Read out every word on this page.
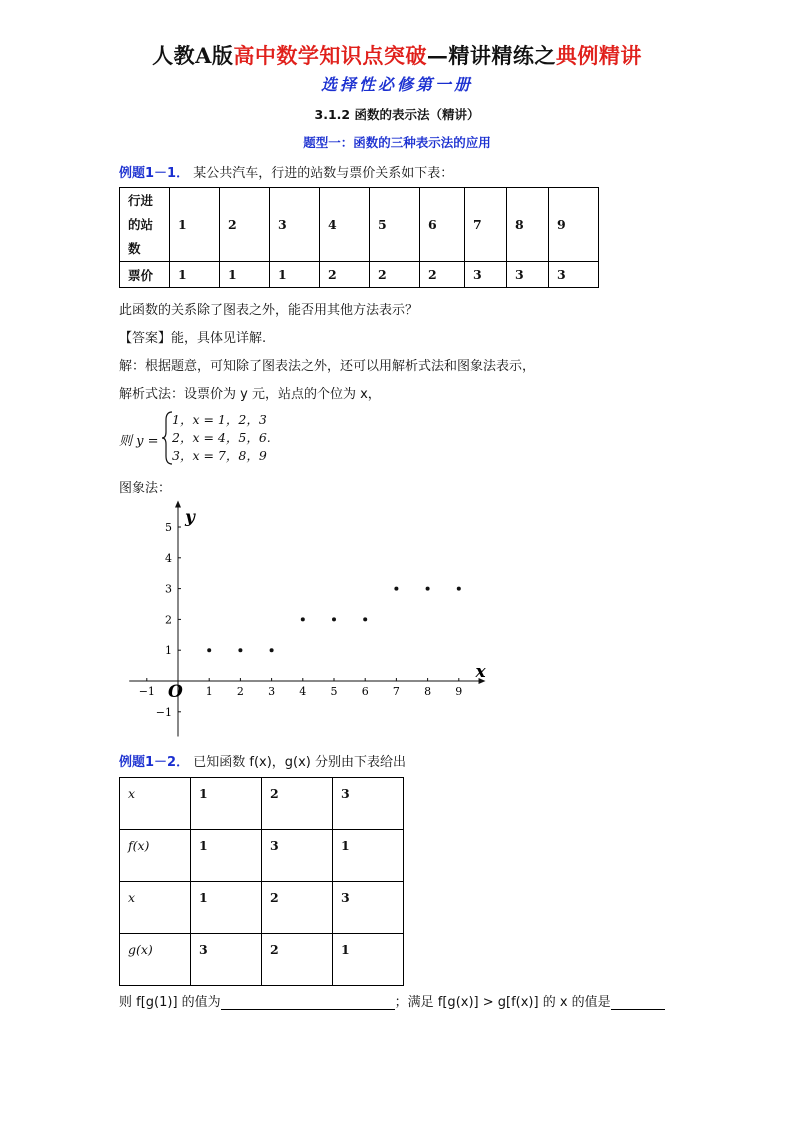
人教A版高中数学知识点突破—精讲精练之典例精讲
选择性必修第一册
3.1.2 函数的表示法（精讲）
题型一：函数的三种表示法的应用
例题1－1． 某公共汽车，行进的站数与票价关系如下表：
行进
的站
数	1	2	3	4	5	6	7	8	9
票价	1	1	1	2	2	2	3	3	3
此函数的关系除了图表之外，能否用其他方法表示？
【答案】能，具体见详解.
解：根据题意，可知除了图表法之外，还可以用解析式法和图象法表示，
解析式法：设票价为 y 元，站点的个位为 x，
则 y =
1，x = 1，2，3
2，x = 4，5，6.
3，x = 7，8，9
图象法：
−1	1 2 3 4 5 6 7 8 9
−1
1
2
3
4
5
x
y
O
例题1－2． 已知函数 f(x)，g(x) 分别由下表给出
x	1	2	3

f(x)	1	3	1

x	1	2	3

g(x)	3	2	1
则 f[g(1)] 的值为	；满足 f[g(x)] > g[f(x)] 的 x 的值是
